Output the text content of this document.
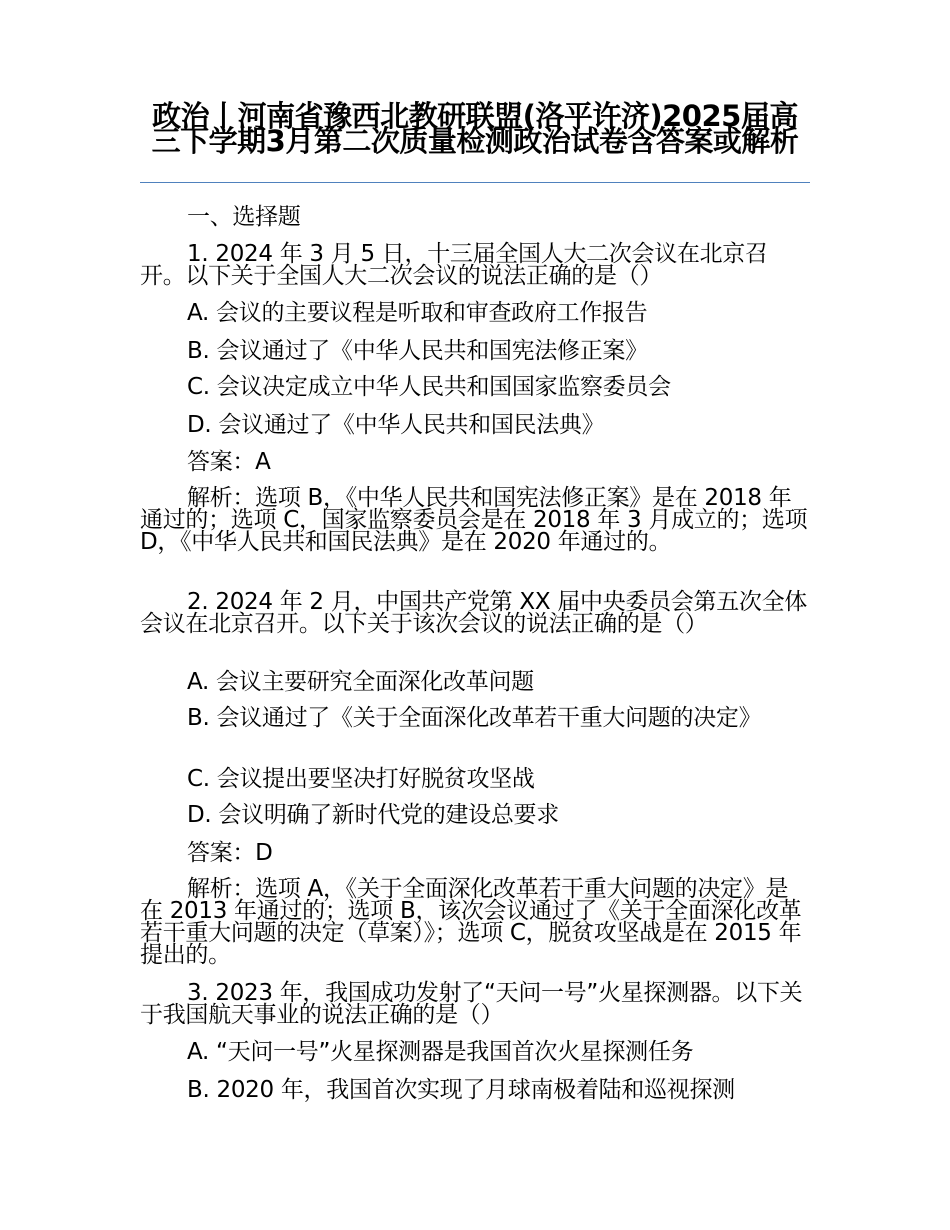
政治丨河南省豫西北教研联盟(洛平许济)2025届高三下学期3月第二次质量检测政治试卷含答案或解析
一、选择题
1. 2024 年 3 月 5 日，十三届全国人大二次会议在北京召开。以下关于全国人大二次会议的说法正确的是（）
A. 会议的主要议程是听取和审查政府工作报告
B. 会议通过了《中华人民共和国宪法修正案》
C. 会议决定成立中华人民共和国国家监察委员会
D. 会议通过了《中华人民共和国民法典》
答案：A
解析：选项 B，《中华人民共和国宪法修正案》是在 2018 年通过的；选项 C，国家监察委员会是在 2018 年 3 月成立的；选项 D，《中华人民共和国民法典》是在 2020 年通过的。
2. 2024 年 2 月，中国共产党第 XX 届中央委员会第五次全体会议在北京召开。以下关于该次会议的说法正确的是（）
A. 会议主要研究全面深化改革问题
B. 会议通过了《关于全面深化改革若干重大问题的决定》
C. 会议提出要坚决打好脱贫攻坚战
D. 会议明确了新时代党的建设总要求
答案：D
解析：选项 A，《关于全面深化改革若干重大问题的决定》是在 2013 年通过的；选项 B，该次会议通过了《关于全面深化改革若干重大问题的决定（草案）》；选项 C，脱贫攻坚战是在 2015 年提出的。
3. 2023 年，我国成功发射了“天问一号”火星探测器。以下关于我国航天事业的说法正确的是（）
A. “天问一号”火星探测器是我国首次火星探测任务
B. 2020 年，我国首次实现了月球南极着陆和巡视探测
